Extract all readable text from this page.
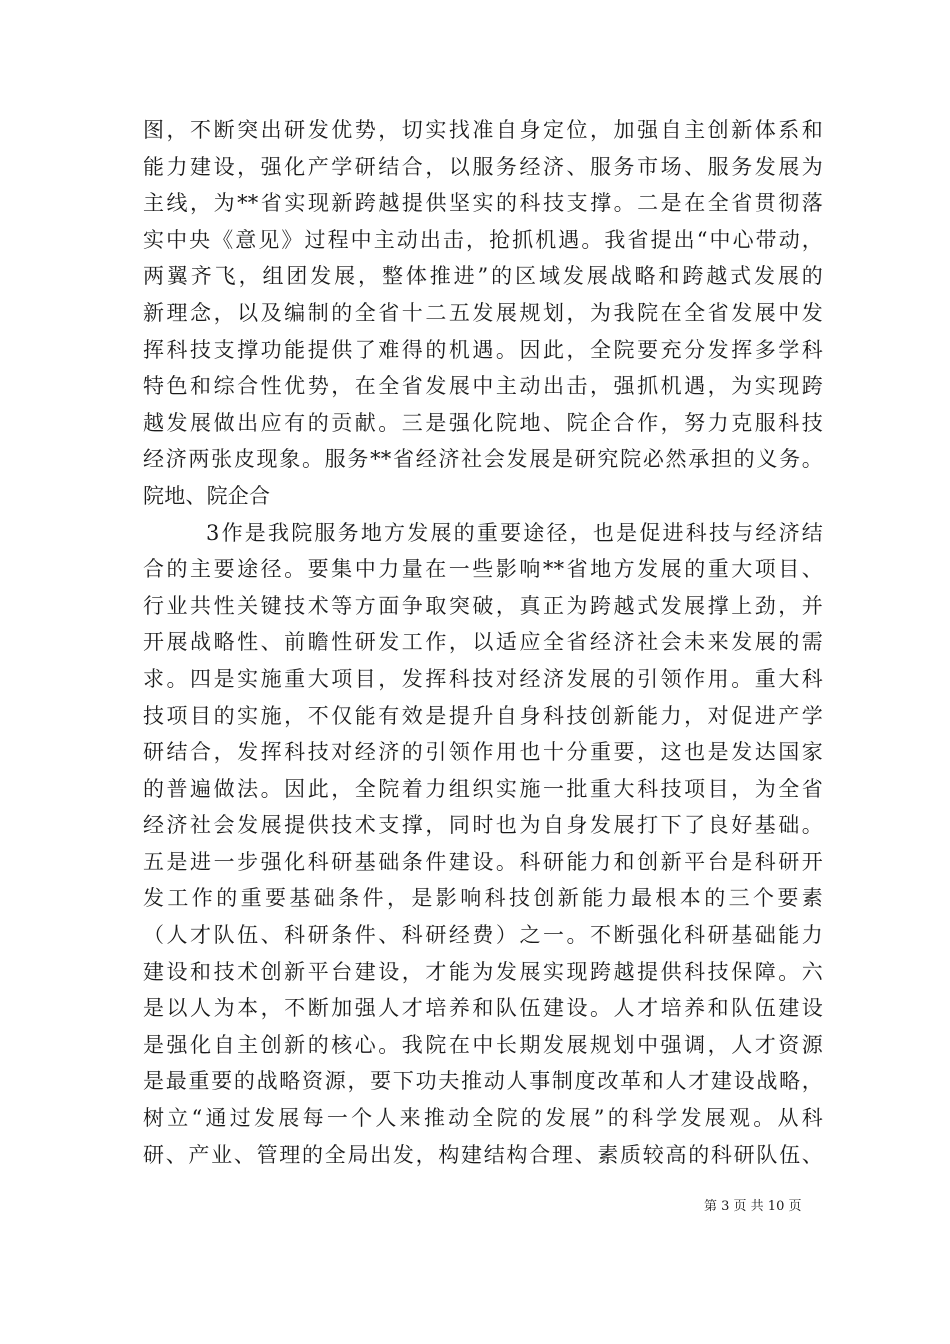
图，不断突出研发优势，切实找准自身定位，加强自主创新体系和
能力建设，强化产学研结合，以服务经济、服务市场、服务发展为
主线，为**省实现新跨越提供坚实的科技支撑。二是在全省贯彻落
实中央《意见》过程中主动出击，抢抓机遇。我省提出“中心带动，
两翼齐飞，组团发展，整体推进”的区域发展战略和跨越式发展的
新理念，以及编制的全省十二五发展规划，为我院在全省发展中发
挥科技支撑功能提供了难得的机遇。因此，全院要充分发挥多学科
特色和综合性优势，在全省发展中主动出击，强抓机遇，为实现跨
越发展做出应有的贡献。三是强化院地、院企合作，努力克服科技
经济两张皮现象。服务**省经济社会发展是研究院必然承担的义务。
院地、院企合
3作是我院服务地方发展的重要途径，也是促进科技与经济结
合的主要途径。要集中力量在一些影响**省地方发展的重大项目、
行业共性关键技术等方面争取突破，真正为跨越式发展撑上劲，并
开展战略性、前瞻性研发工作，以适应全省经济社会未来发展的需
求。四是实施重大项目，发挥科技对经济发展的引领作用。重大科
技项目的实施，不仅能有效是提升自身科技创新能力，对促进产学
研结合，发挥科技对经济的引领作用也十分重要，这也是发达国家
的普遍做法。因此，全院着力组织实施一批重大科技项目，为全省
经济社会发展提供技术支撑，同时也为自身发展打下了良好基础。
五是进一步强化科研基础条件建设。科研能力和创新平台是科研开
发工作的重要基础条件，是影响科技创新能力最根本的三个要素
（人才队伍、科研条件、科研经费）之一。不断强化科研基础能力
建设和技术创新平台建设，才能为发展实现跨越提供科技保障。六
是以人为本，不断加强人才培养和队伍建设。人才培养和队伍建设
是强化自主创新的核心。我院在中长期发展规划中强调，人才资源
是最重要的战略资源，要下功夫推动人事制度改革和人才建设战略，
树立“通过发展每一个人来推动全院的发展”的科学发展观。从科
研、产业、管理的全局出发，构建结构合理、素质较高的科研队伍、
第 3 页 共 10 页
